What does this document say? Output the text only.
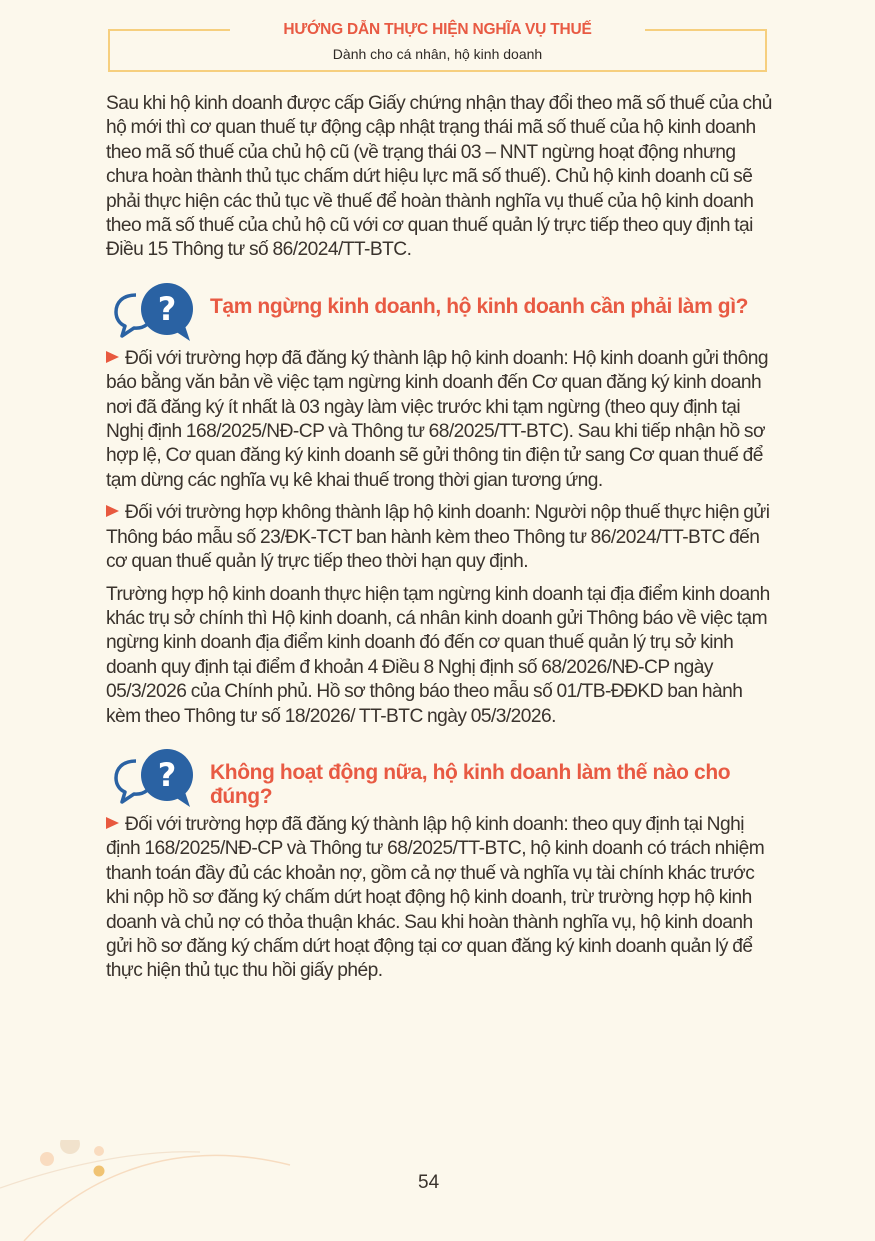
HƯỚNG DẪN THỰC HIỆN NGHĨA VỤ THUẾ
Dành cho cá nhân, hộ kinh doanh

Sau khi hộ kinh doanh được cấp Giấy chứng nhận thay đổi theo mã số thuế của chủ hộ mới thì cơ quan thuế tự động cập nhật trạng thái mã số thuế của hộ kinh doanh theo mã số thuế của chủ hộ cũ (về trạng thái 03 – NNT ngừng hoạt động nhưng chưa hoàn thành thủ tục chấm dứt hiệu lực mã số thuế). Chủ hộ kinh doanh cũ sẽ phải thực hiện các thủ tục về thuế để hoàn thành nghĩa vụ thuế của hộ kinh doanh theo mã số thuế của chủ hộ cũ với cơ quan thuế quản lý trực tiếp theo quy định tại Điều 15 Thông tư số 86/2024/TT-BTC.

? Tạm ngừng kinh doanh, hộ kinh doanh cần phải làm gì?

Đối với trường hợp đã đăng ký thành lập hộ kinh doanh: Hộ kinh doanh gửi thông báo bằng văn bản về việc tạm ngừng kinh doanh đến Cơ quan đăng ký kinh doanh nơi đã đăng ký ít nhất là 03 ngày làm việc trước khi tạm ngừng (theo quy định tại Nghị định 168/2025/NĐ-CP và Thông tư 68/2025/TT-BTC). Sau khi tiếp nhận hồ sơ hợp lệ, Cơ quan đăng ký kinh doanh sẽ gửi thông tin điện tử sang Cơ quan thuế để tạm dừng các nghĩa vụ kê khai thuế trong thời gian tương ứng.

Đối với trường hợp không thành lập hộ kinh doanh: Người nộp thuế thực hiện gửi Thông báo mẫu số 23/ĐK-TCT ban hành kèm theo Thông tư 86/2024/TT-BTC đến cơ quan thuế quản lý trực tiếp theo thời hạn quy định.

Trường hợp hộ kinh doanh thực hiện tạm ngừng kinh doanh tại địa điểm kinh doanh khác trụ sở chính thì Hộ kinh doanh, cá nhân kinh doanh gửi Thông báo về việc tạm ngừng kinh doanh địa điểm kinh doanh đó đến cơ quan thuế quản lý trụ sở kinh doanh quy định tại điểm đ khoản 4 Điều 8 Nghị định số 68/2026/NĐ-CP ngày 05/3/2026 của Chính phủ. Hồ sơ thông báo theo mẫu số 01/TB-ĐĐKD ban hành kèm theo Thông tư số 18/2026/ TT-BTC ngày 05/3/2026.

? Không hoạt động nữa, hộ kinh doanh làm thế nào cho đúng?

Đối với trường hợp đã đăng ký thành lập hộ kinh doanh: theo quy định tại Nghị định 168/2025/NĐ-CP và Thông tư 68/2025/TT-BTC, hộ kinh doanh có trách nhiệm thanh toán đầy đủ các khoản nợ, gồm cả nợ thuế và nghĩa vụ tài chính khác trước khi nộp hồ sơ đăng ký chấm dứt hoạt động hộ kinh doanh, trừ trường hợp hộ kinh doanh và chủ nợ có thỏa thuận khác. Sau khi hoàn thành nghĩa vụ, hộ kinh doanh gửi hồ sơ đăng ký chấm dứt hoạt động tại cơ quan đăng ký kinh doanh quản lý để thực hiện thủ tục thu hồi giấy phép.

54
